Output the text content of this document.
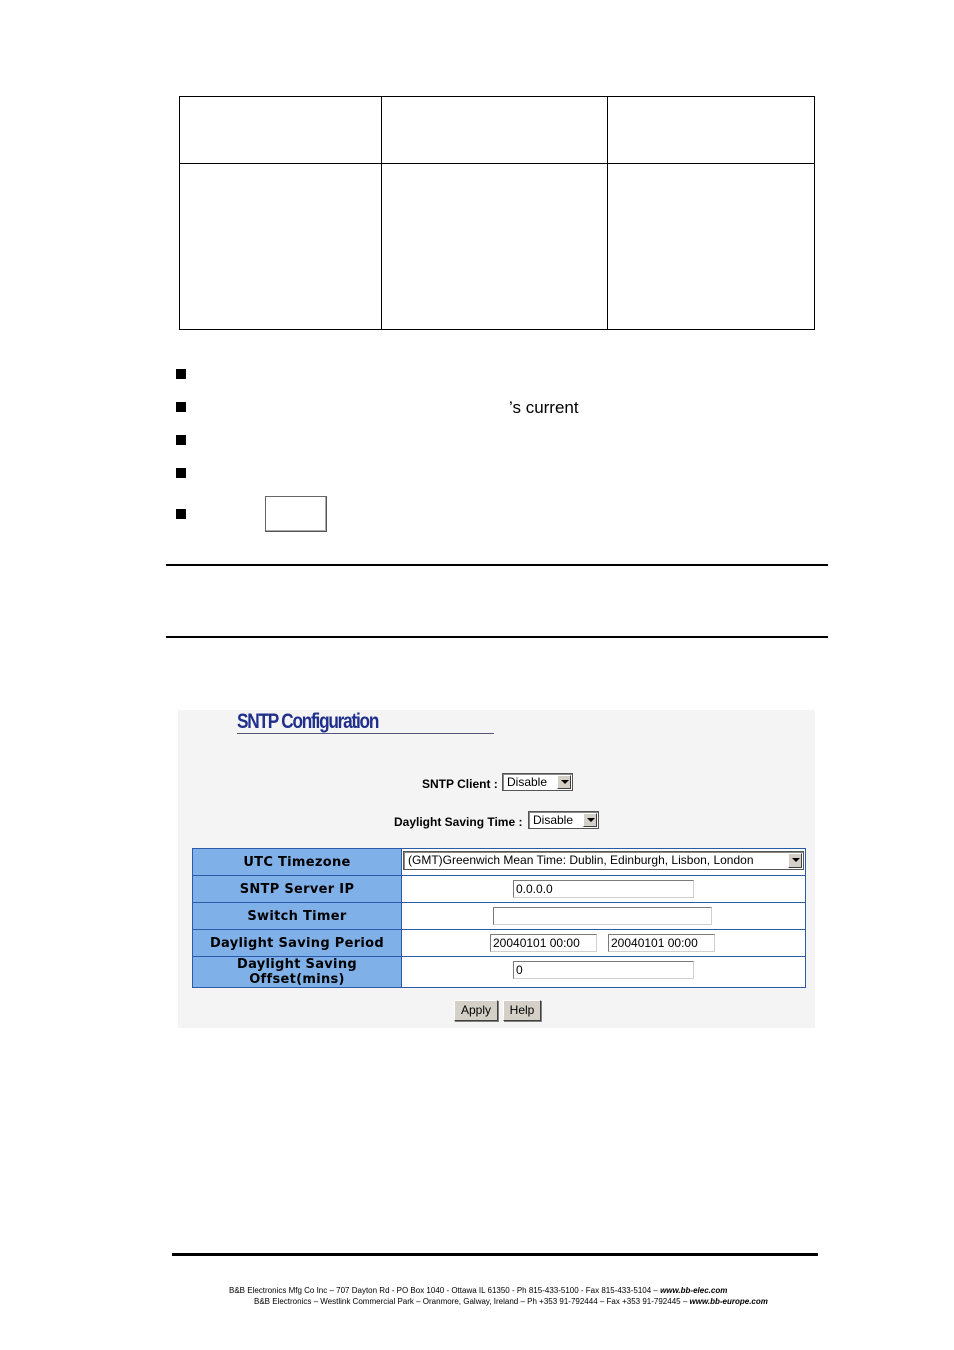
’s current
SNTP Configuration
SNTP Client : Disable
Daylight Saving Time : Disable
UTC Timezone	(GMT)Greenwich Mean Time: Dublin, Edinburgh, Lisbon, London

SNTP Server IP	0.0.0.0

Switch Timer	

Daylight Saving Period	20040101 00:00 20040101 00:00

Daylight Saving Offset(mins)	0
Apply	Help
B&B Electronics Mfg Co Inc – 707 Dayton Rd - PO Box 1040 - Ottawa IL 61350 - Ph 815-433-5100 - Fax 815-433-5104 – www.bb-elec.com
B&B Electronics – Westlink Commercial Park – Oranmore, Galway, Ireland – Ph +353 91-792444 – Fax +353 91-792445 – www.bb-europe.com
